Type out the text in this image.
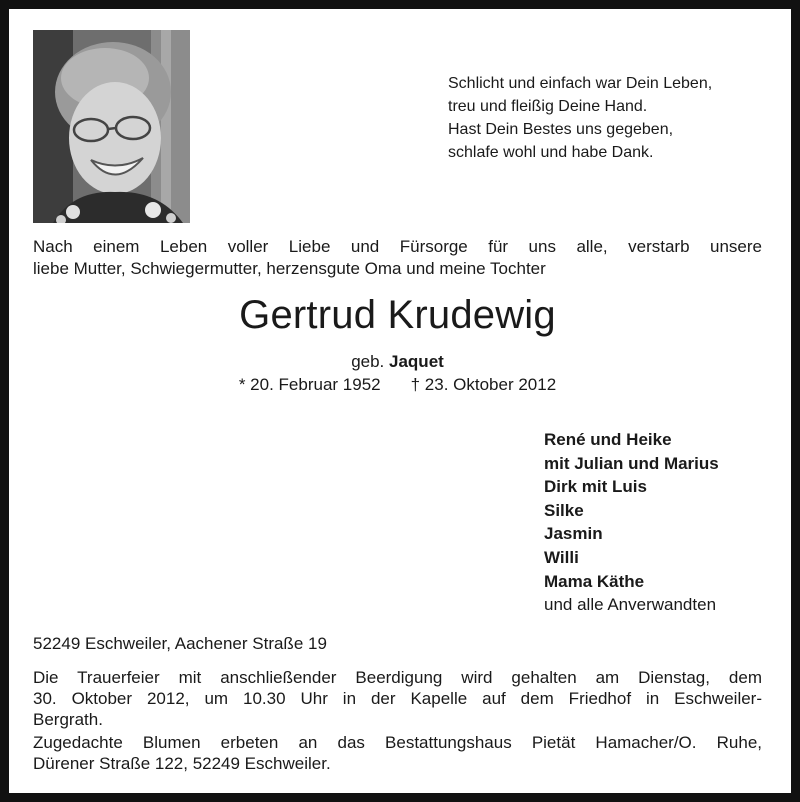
Schlicht und einfach war Dein Leben,
treu und fleißig Deine Hand.
Hast Dein Bestes uns gegeben,
schlafe wohl und habe Dank.
Nach einem Leben voller Liebe und Fürsorge für uns alle, verstarb unsere
liebe Mutter, Schwiegermutter, herzensgute Oma und meine Tochter
Gertrud Krudewig
geb. Jaquet
* 20. Februar 1952 † 23. Oktober 2012
René und Heike
mit Julian und Marius
Dirk mit Luis
Silke
Jasmin
Willi
Mama Käthe
und alle Anverwandten
52249 Eschweiler, Aachener Straße 19
Die Trauerfeier mit anschließender Beerdigung wird gehalten am Dienstag, dem
30. Oktober 2012, um 10.30 Uhr in der Kapelle auf dem Friedhof in Eschweiler-
Bergrath.
Zugedachte Blumen erbeten an das Bestattungshaus Pietät Hamacher/O. Ruhe,
Dürener Straße 122, 52249 Eschweiler.
